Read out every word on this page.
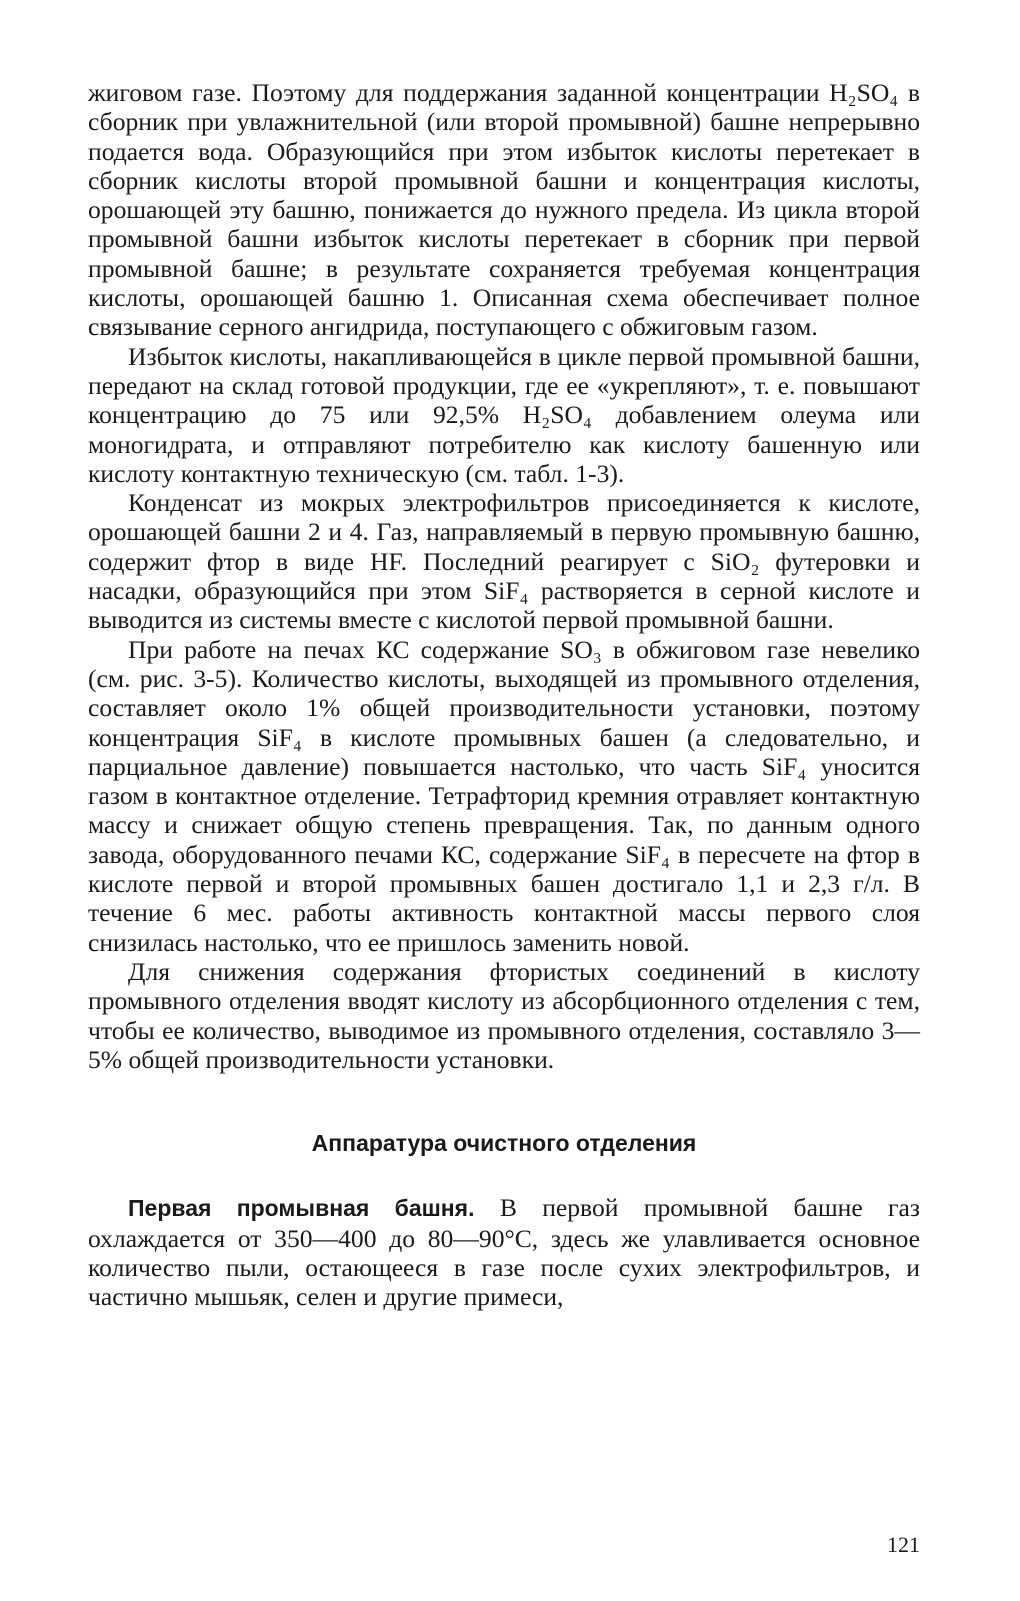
жиговом газе. Поэтому для поддержания заданной концентрации H₂SO₄ в сборник при увлажнительной (или второй промывной) башне непрерывно подается вода. Образующийся при этом избыток кислоты перетекает в сборник кислоты второй промывной башни и концентрация кислоты, орошающей эту башню, понижается до нужного предела. Из цикла второй промывной башни избыток кислоты перетекает в сборник при первой промывной башне; в результате сохраняется требуемая концентрация кислоты, орошающей башню 1. Описанная схема обеспечивает полное связывание серного ангидрида, поступающего с обжиговым газом.

Избыток кислоты, накапливающейся в цикле первой промывной башни, передают на склад готовой продукции, где ее «укрепляют», т. е. повышают концентрацию до 75 или 92,5% H₂SO₄ добавлением олеума или моногидрата, и отправляют потребителю как кислоту башенную или кислоту контактную техническую (см. табл. 1-3).

Конденсат из мокрых электрофильтров присоединяется к кислоте, орошающей башни 2 и 4. Газ, направляемый в первую промывную башню, содержит фтор в виде HF. Последний реагирует с SiO₂ футеровки и насадки, образующийся при этом SiF₄ растворяется в серной кислоте и выводится из системы вместе с кислотой первой промывной башни.

При работе на печах КС содержание SO₃ в обжиговом газе невелико (см. рис. 3-5). Количество кислоты, выходящей из промывного отделения, составляет около 1% общей производительности установки, поэтому концентрация SiF₄ в кислоте промывных башен (а следовательно, и парциальное давление) повышается настолько, что часть SiF₄ уносится газом в контактное отделение. Тетрафторид кремния отравляет контактную массу и снижает общую степень превращения. Так, по данным одного завода, оборудованного печами КС, содержание SiF₄ в пересчете на фтор в кислоте первой и второй промывных башен достигало 1,1 и 2,3 г/л. В течение 6 мес. работы активность контактной массы первого слоя снизилась настолько, что ее пришлось заменить новой.

Для снижения содержания фтористых соединений в кислоту промывного отделения вводят кислоту из абсорбционного отделения с тем, чтобы ее количество, выводимое из промывного отделения, составляло 3—5% общей производительности установки.

Аппаратура очистного отделения

Первая промывная башня. В первой промывной башне газ охлаждается от 350—400 до 80—90°С, здесь же улавливается основное количество пыли, остающееся в газе после сухих электрофильтров, и частично мышьяк, селен и другие примеси,

121
